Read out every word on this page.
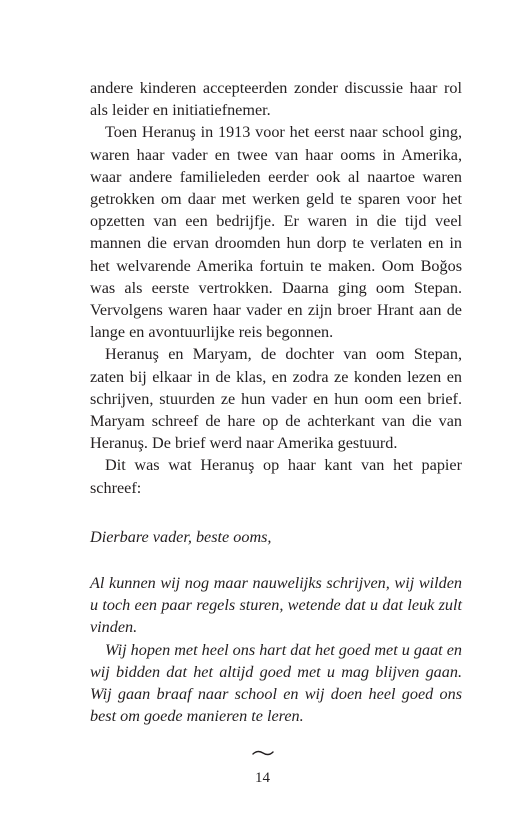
andere kinderen accepteerden zonder discussie haar rol als leider en initiatiefnemer.

Toen Heranuş in 1913 voor het eerst naar school ging, waren haar vader en twee van haar ooms in Amerika, waar andere familieleden eerder ook al naartoe waren getrokken om daar met werken geld te sparen voor het opzetten van een bedrijfje. Er waren in die tijd veel mannen die ervan droomden hun dorp te verlaten en in het welvarende Amerika fortuin te maken. Oom Boğos was als eerste vertrokken. Daarna ging oom Stepan. Vervolgens waren haar vader en zijn broer Hrant aan de lange en avontuurlijke reis begonnen.

Heranuş en Maryam, de dochter van oom Stepan, zaten bij elkaar in de klas, en zodra ze konden lezen en schrijven, stuurden ze hun vader en hun oom een brief. Maryam schreef de hare op de achterkant van die van Heranuş. De brief werd naar Amerika gestuurd.

Dit was wat Heranuş op haar kant van het papier schreef:

Dierbare vader, beste ooms,

Al kunnen wij nog maar nauwelijks schrijven, wij wilden u toch een paar regels sturen, wetende dat u dat leuk zult vinden.

Wij hopen met heel ons hart dat het goed met u gaat en wij bidden dat het altijd goed met u mag blijven gaan. Wij gaan braaf naar school en wij doen heel goed ons best om goede manieren te leren.

14
